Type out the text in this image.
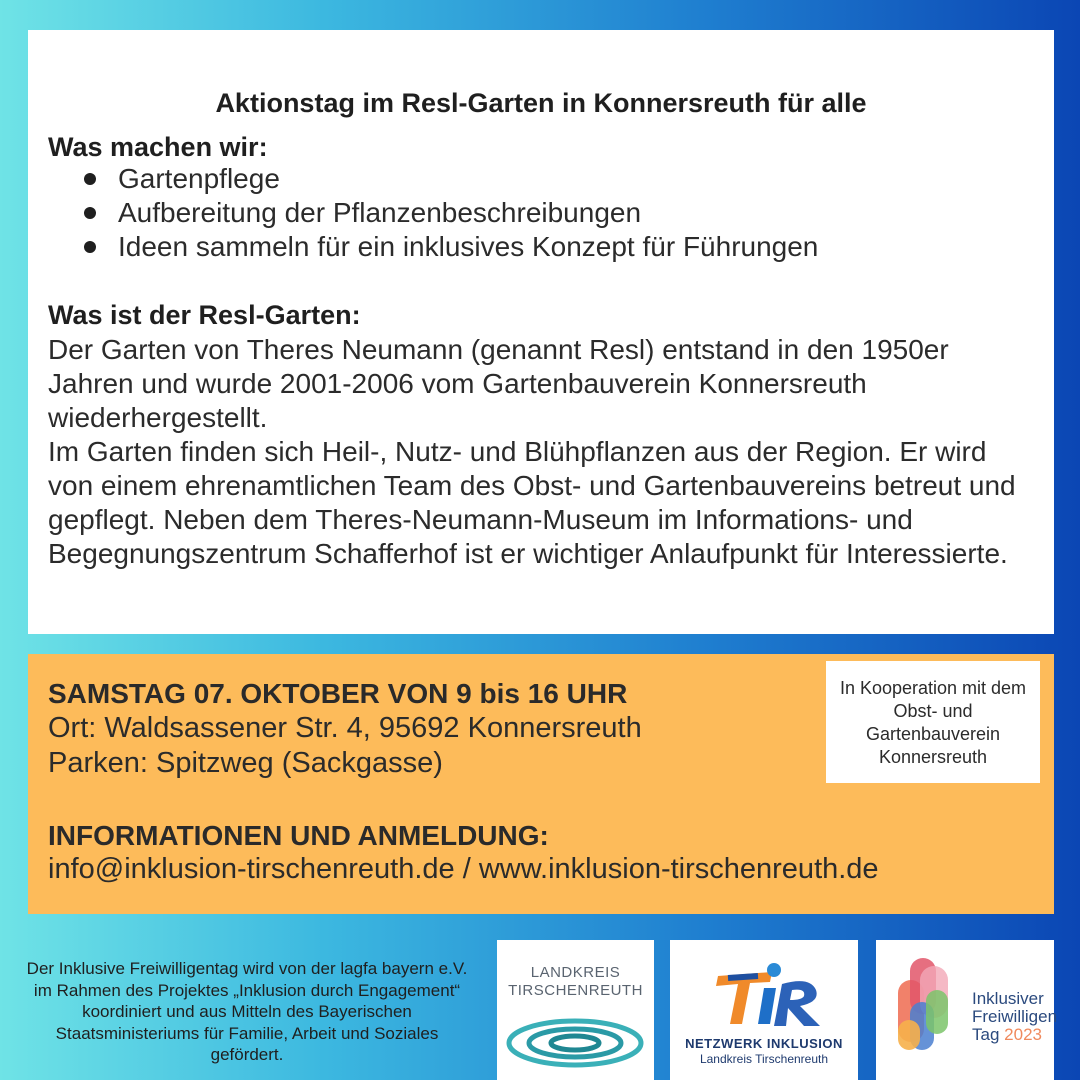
Aktionstag im Resl-Garten in Konnersreuth für alle
Was machen wir:
Gartenpflege
Aufbereitung der Pflanzenbeschreibungen
Ideen sammeln für ein inklusives Konzept für Führungen
Was ist der Resl-Garten:
Der Garten von Theres Neumann (genannt Resl) entstand in den 1950er Jahren und wurde 2001-2006 vom Gartenbauverein Konnersreuth wiederhergestellt.
Im Garten finden sich Heil-, Nutz- und Blühpflanzen aus der Region. Er wird von einem ehrenamtlichen Team des Obst- und Gartenbauvereins betreut und gepflegt. Neben dem Theres-Neumann-Museum im Informations- und Begegnungszentrum Schafferhof ist er wichtiger Anlaufpunkt für Interessierte.
SAMSTAG 07. OKTOBER VON 9 bis 16 UHR
Ort: Waldsassener Str. 4, 95692 Konnersreuth
Parken: Spitzweg (Sackgasse)
INFORMATIONEN UND ANMELDUNG:
info@inklusion-tirschenreuth.de / www.inklusion-tirschenreuth.de
In Kooperation mit dem Obst- und Gartenbauverein Konnersreuth
Der Inklusive Freiwilligentag wird von der lagfa bayern e.V. im Rahmen des Projektes „Inklusion durch Engagement“ koordiniert und aus Mitteln des Bayerischen Staatsministeriums für Familie, Arbeit und Soziales gefördert.
LANDKREIS
TIRSCHENREUTH
NETZWERK INKLUSION
Landkreis Tirschenreuth
Inklusiver
Freiwilligen
Tag 2023
